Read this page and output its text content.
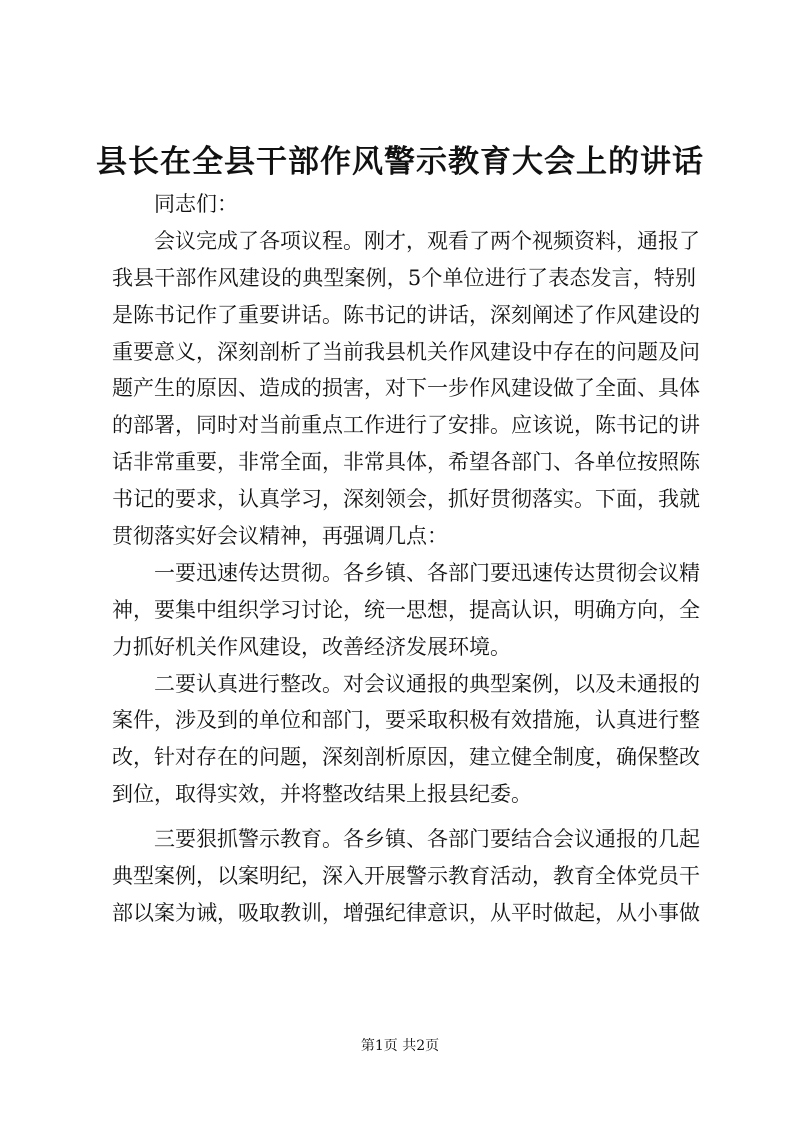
县长在全县干部作风警示教育大会上的讲话
同志们：
会议完成了各项议程。刚才，观看了两个视频资料，通报了
我县干部作风建设的典型案例，5个单位进行了表态发言，特别
是陈书记作了重要讲话。陈书记的讲话，深刻阐述了作风建设的
重要意义，深刻剖析了当前我县机关作风建设中存在的问题及问
题产生的原因、造成的损害，对下一步作风建设做了全面、具体
的部署，同时对当前重点工作进行了安排。应该说，陈书记的讲
话非常重要，非常全面，非常具体，希望各部门、各单位按照陈
书记的要求，认真学习，深刻领会，抓好贯彻落实。下面，我就
贯彻落实好会议精神，再强调几点：
一要迅速传达贯彻。各乡镇、各部门要迅速传达贯彻会议精
神，要集中组织学习讨论，统一思想，提高认识，明确方向，全
力抓好机关作风建设，改善经济发展环境。
二要认真进行整改。对会议通报的典型案例，以及未通报的
案件，涉及到的单位和部门，要采取积极有效措施，认真进行整
改，针对存在的问题，深刻剖析原因，建立健全制度，确保整改
到位，取得实效，并将整改结果上报县纪委。
三要狠抓警示教育。各乡镇、各部门要结合会议通报的几起
典型案例，以案明纪，深入开展警示教育活动，教育全体党员干
部以案为诫，吸取教训，增强纪律意识，从平时做起，从小事做
第1页 共2页
